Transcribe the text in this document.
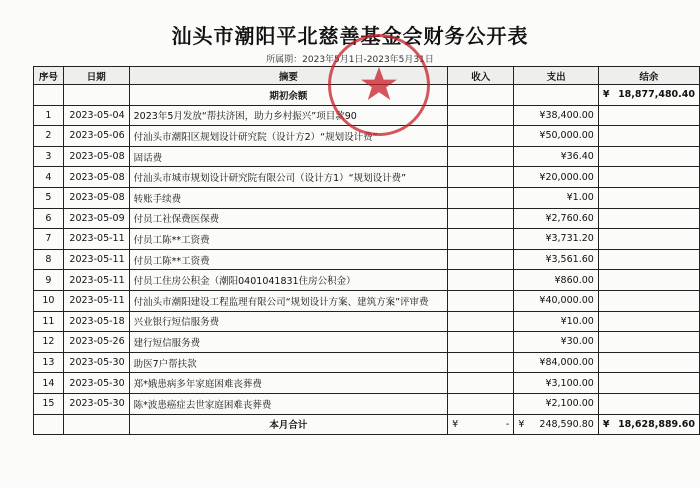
汕头市潮阳平北慈善基金会财务公开表
所属期：2023年5月1日-2023年5月31日
序号	日期	摘要	收入	支出	结余
		期初余额			¥ 18,877,480.40

1	2023-05-04	2023年5月发放“帮扶济困，助力乡村振兴”项目款90		¥38,400.00	
2	2023-05-06	付汕头市潮阳区规划设计研究院（设计方2）“规划设计费”		¥50,000.00	
3	2023-05-08	固话费		¥36.40	
4	2023-05-08	付汕头市城市规划设计研究院有限公司（设计方1）“规划设计费”		¥20,000.00	
5	2023-05-08	转账手续费		¥1.00	
6	2023-05-09	付员工社保费医保费		¥2,760.60	
7	2023-05-11	付员工陈**工资费		¥3,731.20	
8	2023-05-11	付员工陈**工资费		¥3,561.60	
9	2023-05-11	付员工住房公积金（潮阳0401041831住房公积金）		¥860.00	
10	2023-05-11	付汕头市潮阳建设工程监理有限公司“规划设计方案、建筑方案”评审费		¥40,000.00	
11	2023-05-18	兴业银行短信服务费		¥10.00	
12	2023-05-26	建行短信服务费		¥30.00	
13	2023-05-30	助医7户帮扶款		¥84,000.00	
14	2023-05-30	郑*娥患病多年家庭困难丧葬费		¥3,100.00	
15	2023-05-30	陈*波患癌症去世家庭困难丧葬费		¥2,100.00	
		本月合计	¥ -	¥ 248,590.80	¥ 18,628,889.60
